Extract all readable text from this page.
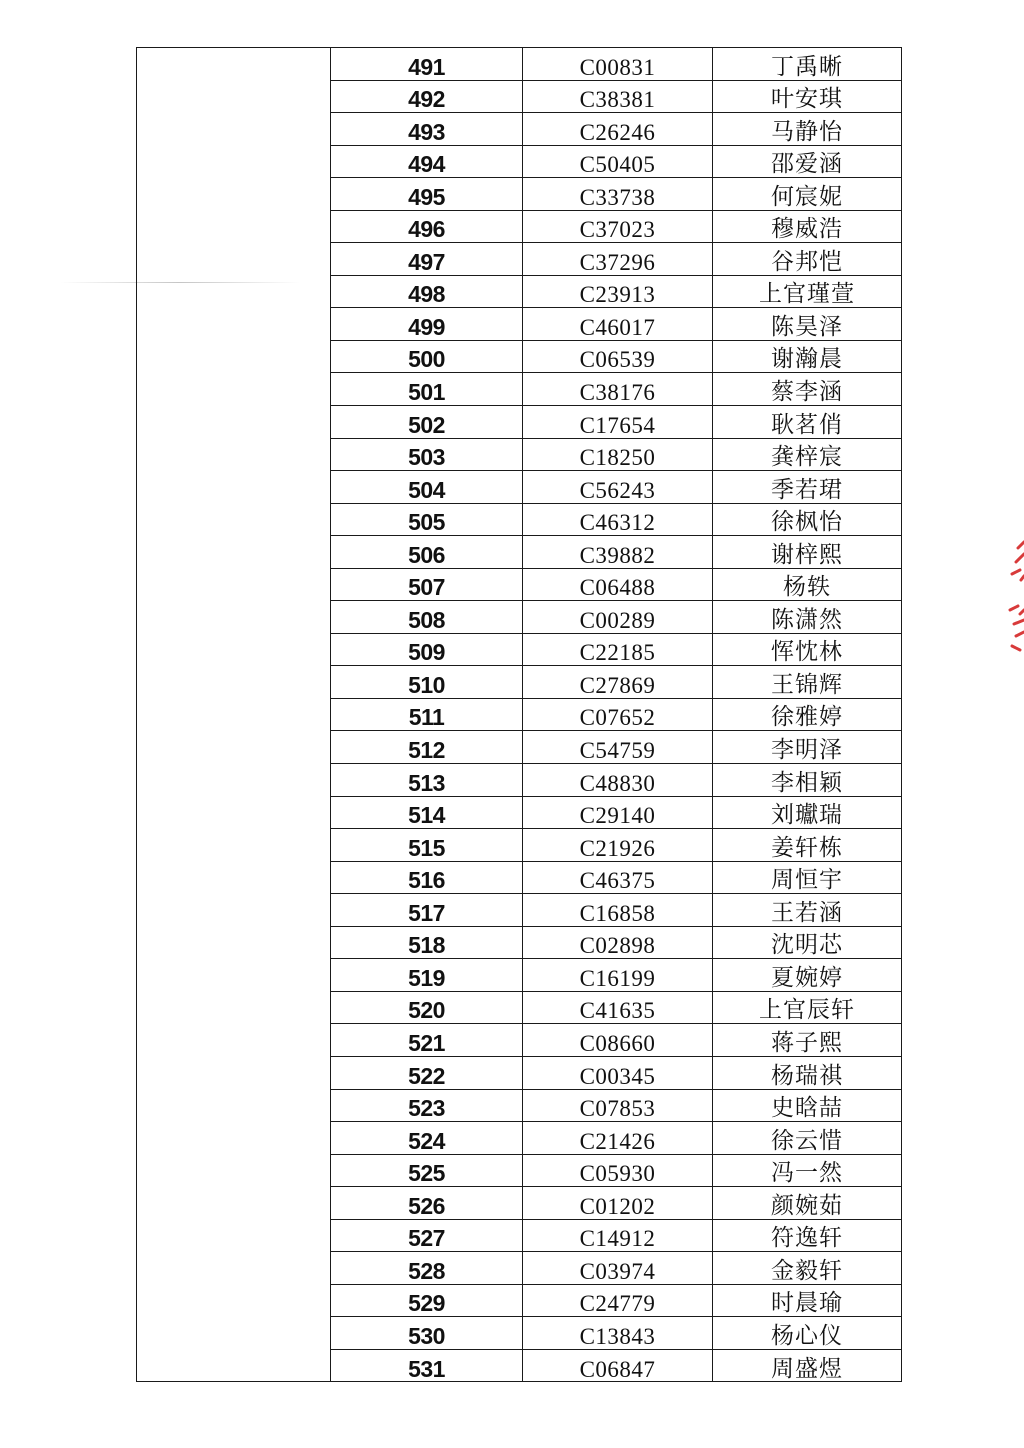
491	C00831	丁禹晰
492	C38381	叶安琪
493	C26246	马静怡
494	C50405	邵爱涵
495	C33738	何宸妮
496	C37023	穆威浩
497	C37296	谷邦恺
498	C23913	上官瑾萱
499	C46017	陈昊泽
500	C06539	谢瀚晨
501	C38176	蔡李涵
502	C17654	耿茗俏
503	C18250	龚梓宸
504	C56243	季若珺
505	C46312	徐枫怡
506	C39882	谢梓熙
507	C06488	杨轶
508	C00289	陈潇然
509	C22185	恽忱林
510	C27869	王锦辉
511	C07652	徐雅婷
512	C54759	李明泽
513	C48830	李相颖
514	C29140	刘瓛瑞
515	C21926	姜轩栋
516	C46375	周恒宇
517	C16858	王若涵
518	C02898	沈明芯
519	C16199	夏婉婷
520	C41635	上官辰轩
521	C08660	蒋子熙
522	C00345	杨瑞祺
523	C07853	史晗喆
524	C21426	徐云惜
525	C05930	冯一然
526	C01202	颜婉茹
527	C14912	符逸轩
528	C03974	金毅轩
529	C24779	时晨瑜
530	C13843	杨心仪
531	C06847	周盛煜
